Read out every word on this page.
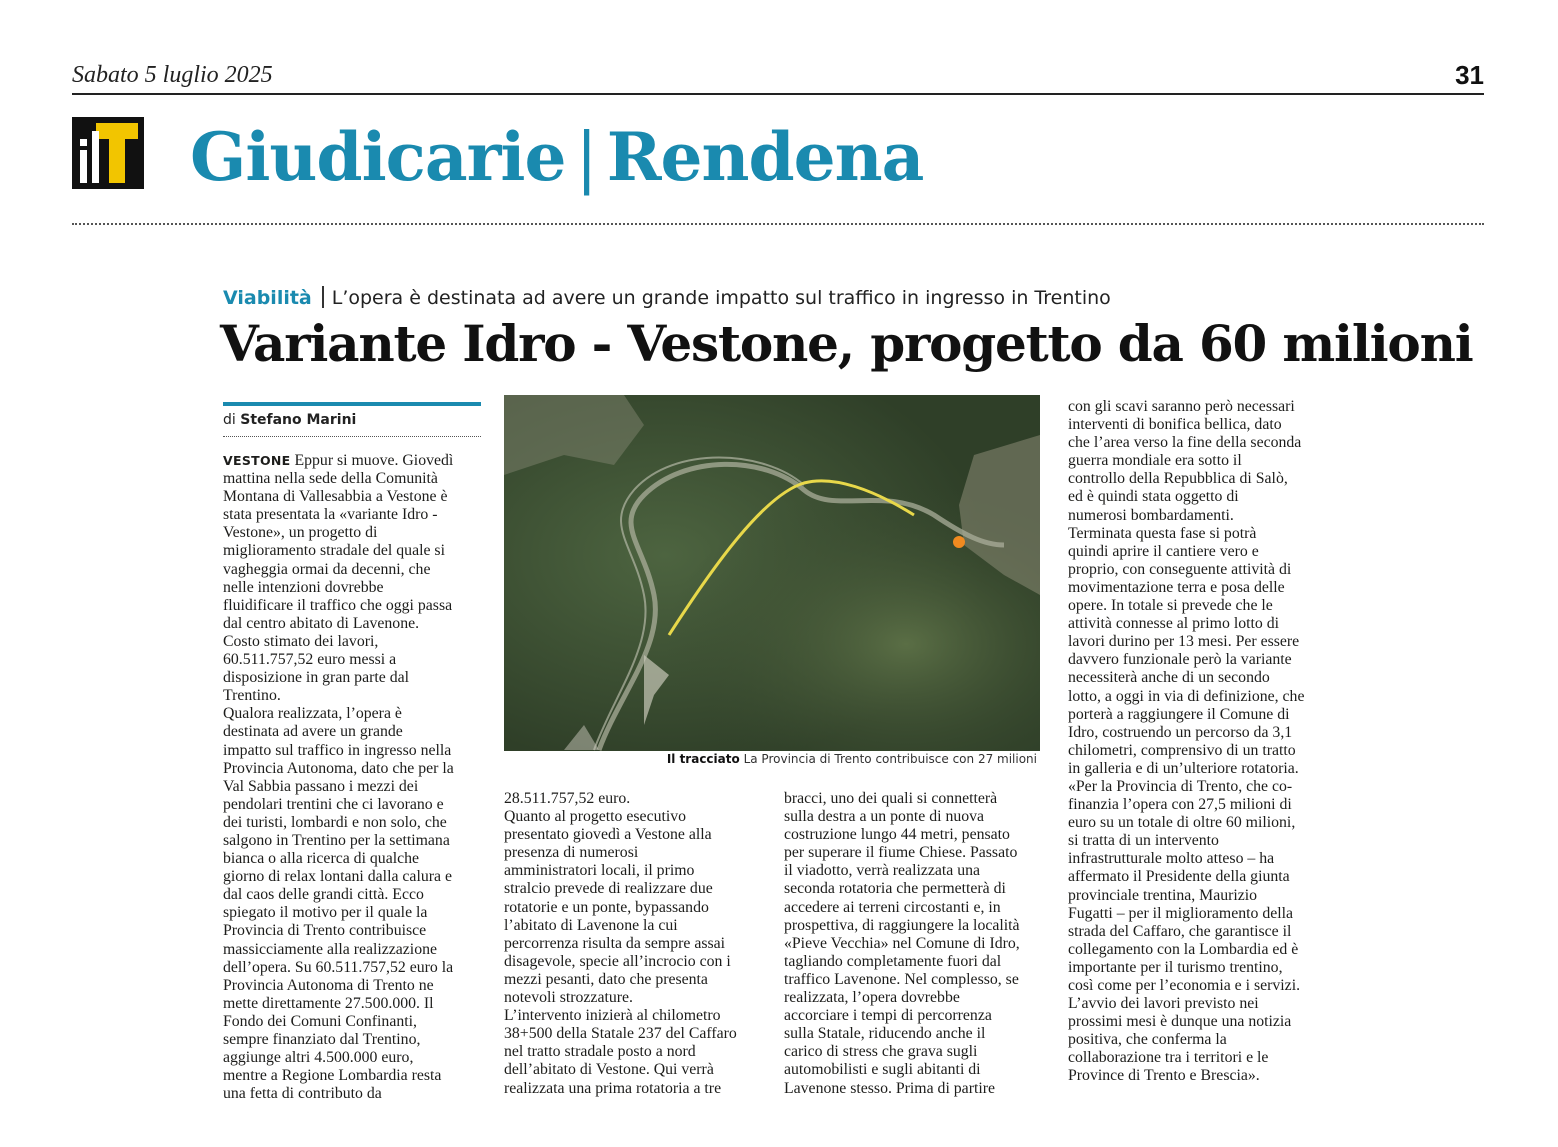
Sabato 5 luglio 2025	31
Giudicarie | Rendena
Viabilità L’opera è destinata ad avere un grande impatto sul traffico in ingresso in Trentino
Variante Idro - Vestone, progetto da 60 milioni
di Stefano Marini

VESTONE Eppur si muove. Giovedì

mattina nella sede della Comunità

Montana di Vallesabbia a Vestone è

stata presentata la «variante Idro -

Vestone», un progetto di

miglioramento stradale del quale si

vagheggia ormai da decenni, che

nelle intenzioni dovrebbe

fluidificare il traffico che oggi passa

dal centro abitato di Lavenone.

Costo stimato dei lavori,

60.511.757,52 euro messi a

disposizione in gran parte dal

Trentino.

Qualora realizzata, l’opera è

destinata ad avere un grande

impatto sul traffico in ingresso nella

Provincia Autonoma, dato che per la

Val Sabbia passano i mezzi dei

pendolari trentini che ci lavorano e

dei turisti, lombardi e non solo, che

salgono in Trentino per la settimana

bianca o alla ricerca di qualche

giorno di relax lontani dalla calura e

dal caos delle grandi città. Ecco

spiegato il motivo per il quale la

Provincia di Trento contribuisce

massicciamente alla realizzazione

dell’opera. Su 60.511.757,52 euro la

Provincia Autonoma di Trento ne

mette direttamente 27.500.000. Il

Fondo dei Comuni Confinanti,

sempre finanziato dal Trentino,

aggiunge altri 4.500.000 euro,

mentre a Regione Lombardia resta

una fetta di contributo da

28.511.757,52 euro.

Quanto al progetto esecutivo

presentato giovedì a Vestone alla

presenza di numerosi

amministratori locali, il primo

stralcio prevede di realizzare due

rotatorie e un ponte, bypassando

l’abitato di Lavenone la cui

percorrenza risulta da sempre assai

disagevole, specie all’incrocio con i

mezzi pesanti, dato che presenta

notevoli strozzature.

L’intervento inizierà al chilometro

38+500 della Statale 237 del Caffaro

nel tratto stradale posto a nord

dell’abitato di Vestone. Qui verrà

realizzata una prima rotatoria a tre

bracci, uno dei quali si connetterà

sulla destra a un ponte di nuova

costruzione lungo 44 metri, pensato

per superare il fiume Chiese. Passato

il viadotto, verrà realizzata una

seconda rotatoria che permetterà di

accedere ai terreni circostanti e, in

prospettiva, di raggiungere la località

«Pieve Vecchia» nel Comune di Idro,

tagliando completamente fuori dal

traffico Lavenone. Nel complesso, se

realizzata, l’opera dovrebbe

accorciare i tempi di percorrenza

sulla Statale, riducendo anche il

carico di stress che grava sugli

automobilisti e sugli abitanti di

Lavenone stesso. Prima di partire

con gli scavi saranno però necessari

interventi di bonifica bellica, dato

che l’area verso la fine della seconda

guerra mondiale era sotto il

controllo della Repubblica di Salò,

ed è quindi stata oggetto di

numerosi bombardamenti.

Terminata questa fase si potrà

quindi aprire il cantiere vero e

proprio, con conseguente attività di

movimentazione terra e posa delle

opere. In totale si prevede che le

attività connesse al primo lotto di

lavori durino per 13 mesi. Per essere

davvero funzionale però la variante

necessiterà anche di un secondo

lotto, a oggi in via di definizione, che

porterà a raggiungere il Comune di

Idro, costruendo un percorso da 3,1

chilometri, comprensivo di un tratto

in galleria e di un’ulteriore rotatoria.

«Per la Provincia di Trento, che co-

finanzia l’opera con 27,5 milioni di

euro su un totale di oltre 60 milioni,

si tratta di un intervento

infrastrutturale molto atteso – ha

affermato il Presidente della giunta

provinciale trentina, Maurizio

Fugatti – per il miglioramento della

strada del Caffaro, che garantisce il

collegamento con la Lombardia ed è

importante per il turismo trentino,

così come per l’economia e i servizi.

L’avvio dei lavori previsto nei

prossimi mesi è dunque una notizia

positiva, che conferma la

collaborazione tra i territori e le

Province di Trento e Brescia».

Il tracciato La Provincia di Trento contribuisce con 27 milioni
